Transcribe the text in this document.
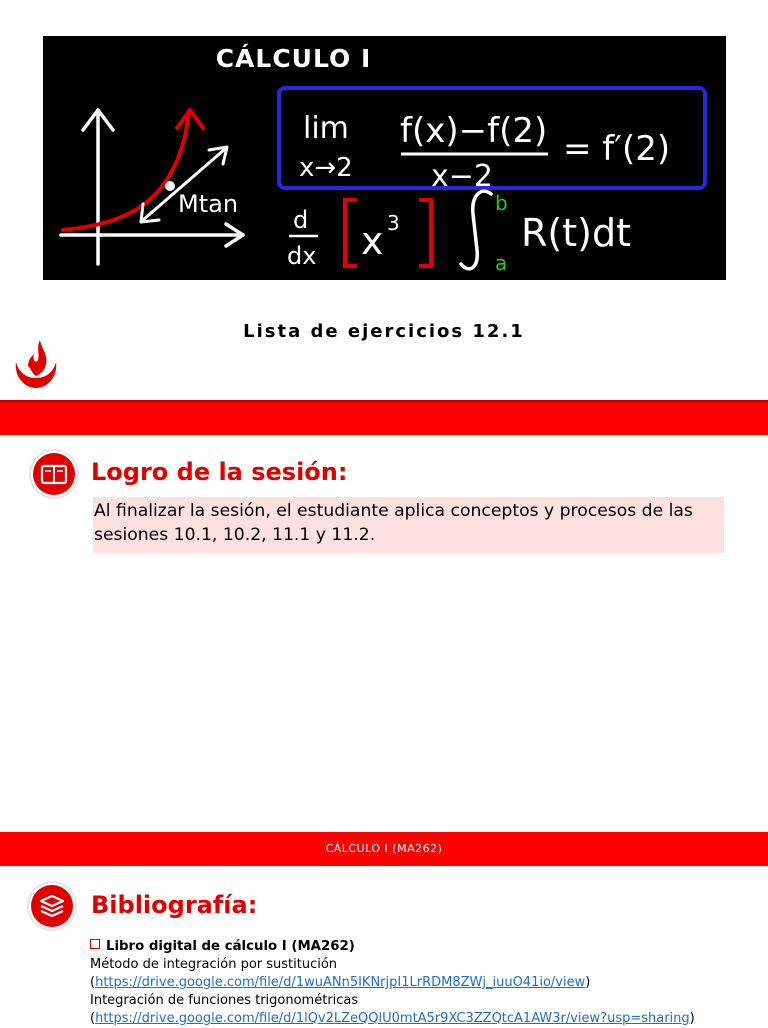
Mtan
lim
x→2
f(x)−f(2)
x−2
= f′(2)
d
dx x 3
b
a
R(t)dt
CÁLCULO I
Lista de ejercicios 12.1
Logro de la sesión:
Al finalizar la sesión, el estudiante aplica conceptos y procesos de las sesiones 10.1, 10.2, 11.1 y 11.2.
CÁLCULO I (MA262)
Bibliografía:
Libro digital de cálculo I (MA262)
Método de integración por sustitución
(https://drive.google.com/file/d/1wuANn5IKNrjpI1LrRDM8ZWj_iuuO41io/view)
Integración de funciones trigonométricas
(https://drive.google.com/file/d/1lQv2LZeQQlU0mtA5r9XC3ZZQtcA1AW3r/view?usp=sharing)
